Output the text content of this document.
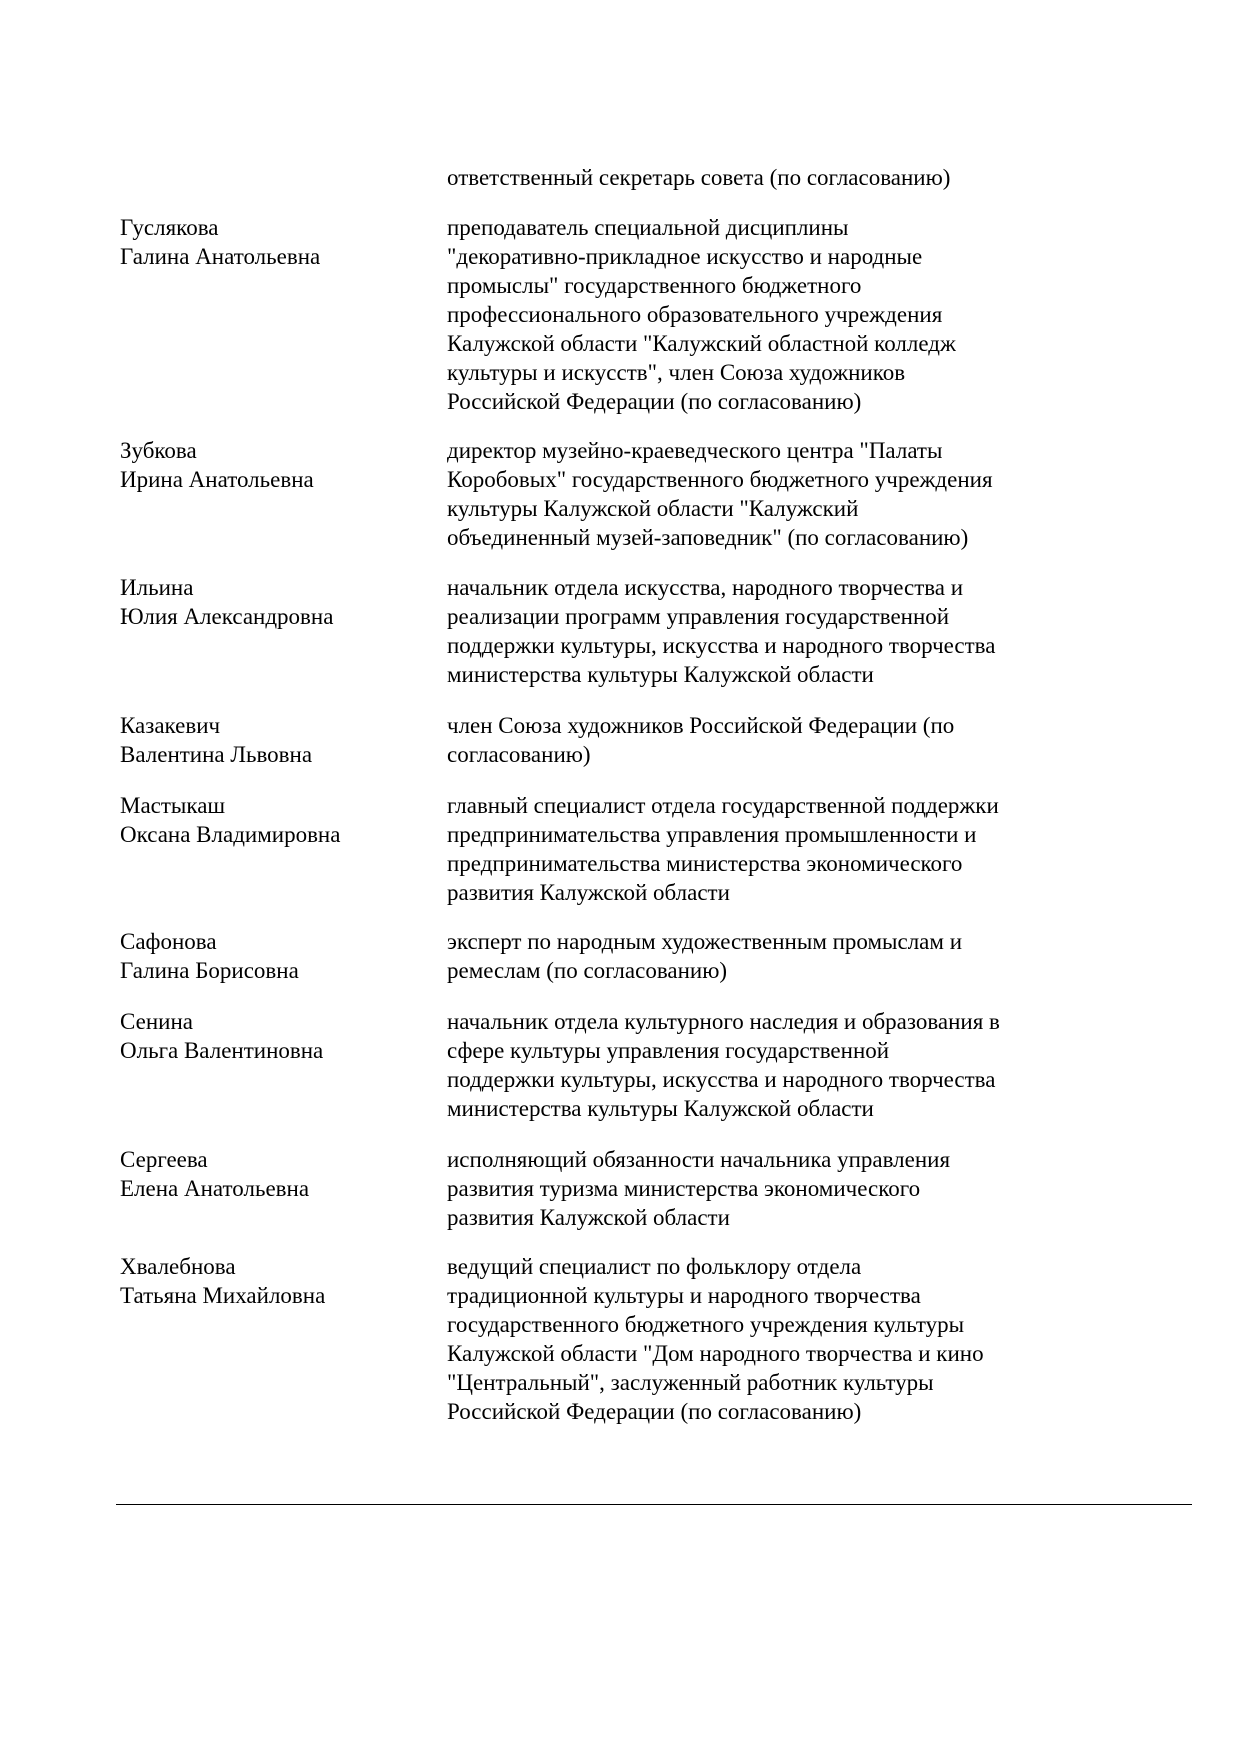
ответственный секретарь совета (по согласованию)
Гуслякова
Галина Анатольевна
преподаватель специальной дисциплины
"декоративно-прикладное искусство и народные
промыслы" государственного бюджетного
профессионального образовательного учреждения
Калужской области "Калужский областной колледж
культуры и искусств", член Союза художников
Российской Федерации (по согласованию)
Зубкова
Ирина Анатольевна
директор музейно-краеведческого центра "Палаты
Коробовых" государственного бюджетного учреждения
культуры Калужской области "Калужский
объединенный музей-заповедник" (по согласованию)
Ильина
Юлия Александровна
начальник отдела искусства, народного творчества и
реализации программ управления государственной
поддержки культуры, искусства и народного творчества
министерства культуры Калужской области
Казакевич
Валентина Львовна
член Союза художников Российской Федерации (по
согласованию)
Мастыкаш
Оксана Владимировна
главный специалист отдела государственной поддержки
предпринимательства управления промышленности и
предпринимательства министерства экономического
развития Калужской области
Сафонова
Галина Борисовна
эксперт по народным художественным промыслам и
ремеслам (по согласованию)
Сенина
Ольга Валентиновна
начальник отдела культурного наследия и образования в
сфере культуры управления государственной
поддержки культуры, искусства и народного творчества
министерства культуры Калужской области
Сергеева
Елена Анатольевна
исполняющий обязанности начальника управления
развития туризма министерства экономического
развития Калужской области
Хвалебнова
Татьяна Михайловна
ведущий специалист по фольклору отдела
традиционной культуры и народного творчества
государственного бюджетного учреждения культуры
Калужской области "Дом народного творчества и кино
"Центральный", заслуженный работник культуры
Российской Федерации (по согласованию)
